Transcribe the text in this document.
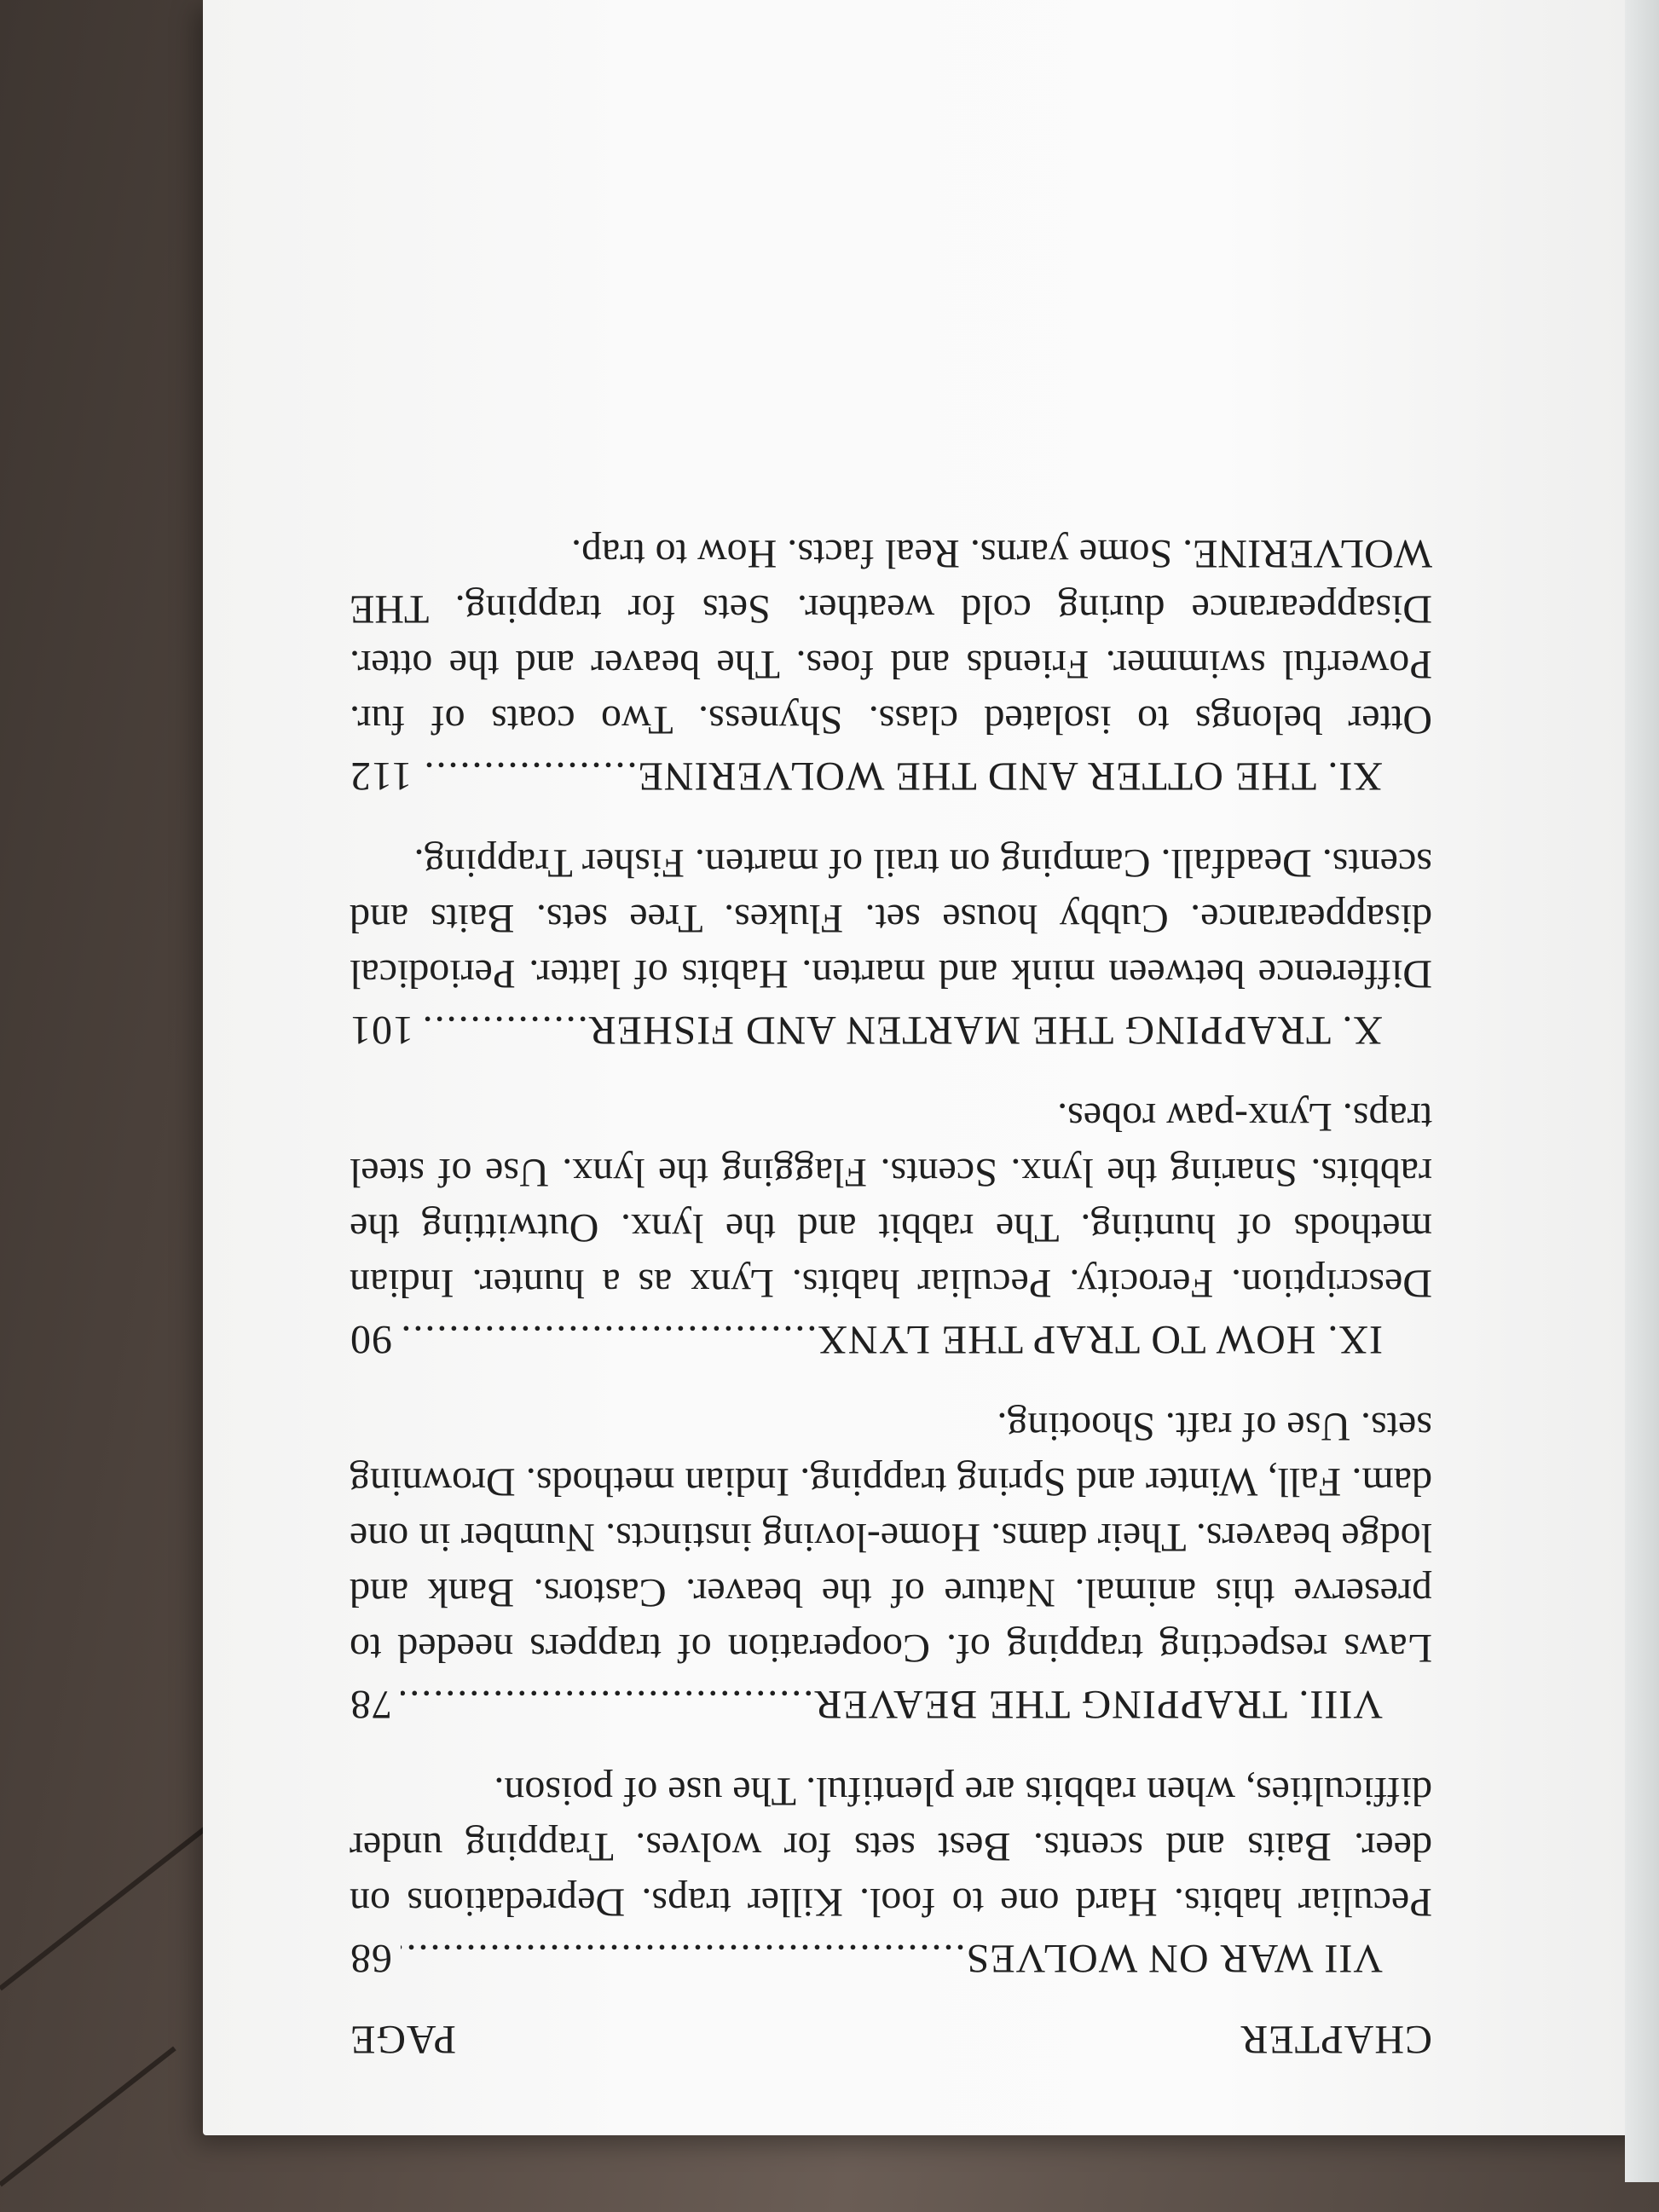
CHAPTER
PAGE
VII WAR ON WOLVES
.....
68
Peculiar habits. Hard one to fool. Killer traps. Depredations on deer. Baits and scents. Best sets for wolves. Trapping under difficulties, when rabbits are plentiful. The use of poison.
VIII. TRAPPING THE BEAVER
.....
78
Laws respecting trapping of. Cooperation of trappers needed to preserve this animal. Nature of the beaver. Castors. Bank and lodge beavers. Their dams. Home-loving instincts. Number in one dam. Fall, Winter and Spring trapping. Indian methods. Drowning sets. Use of raft. Shooting.
IX. HOW TO TRAP THE LYNX
.....
90
Description. Ferocity. Peculiar habits. Lynx as a hunter. Indian methods of hunting. The rabbit and the lynx. Outwitting the rabbits. Snaring the lynx. Scents. Flagging the lynx. Use of steel traps. Lynx-paw robes.
X. TRAPPING THE MARTEN AND FISHER
.....
101
Difference between mink and marten. Habits of latter. Periodical disappearance. Cubby house set. Flukes. Tree sets. Baits and scents. Deadfall. Camping on trail of marten. Fisher Trapping.
XI. THE OTTER AND THE WOLVERINE
.....
112
Otter belongs to isolated class. Shyness. Two coats of fur. Powerful swimmer. Friends and foes. The beaver and the otter. Disappearance during cold weather. Sets for trapping. THE WOLVERINE. Some yarns. Real facts. How to trap.
